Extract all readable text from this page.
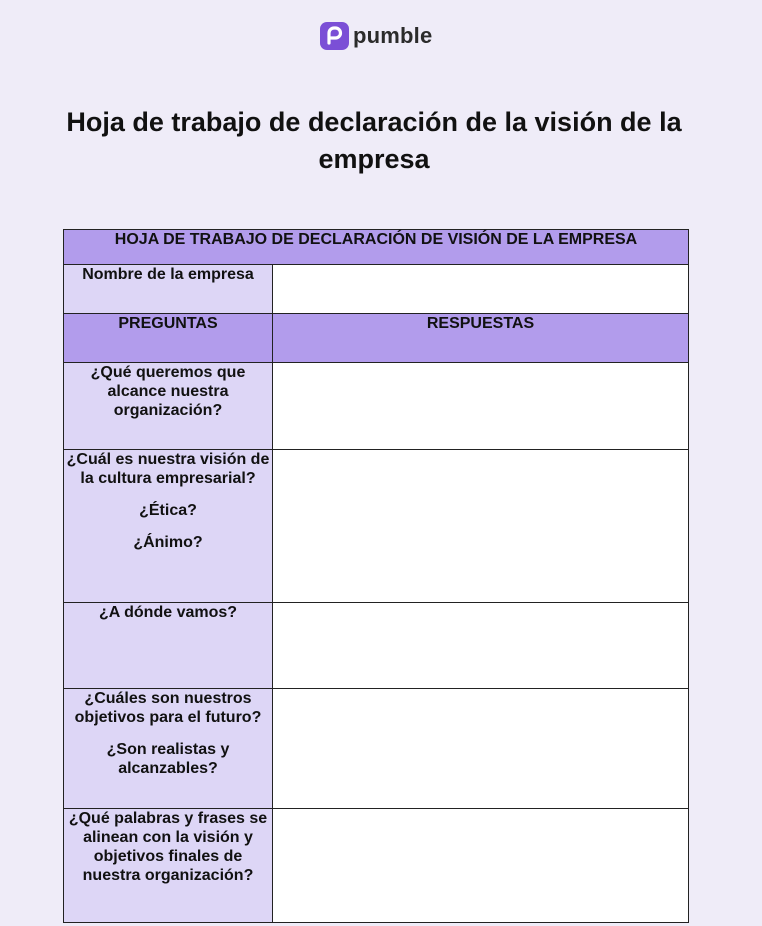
pumble
Hoja de trabajo de declaración de la visión de la empresa
HOJA DE TRABAJO DE DECLARACIÓN DE VISIÓN DE LA EMPRESA	
Nombre de la empresa	
PREGUNTAS	RESPUESTAS

¿Qué queremos que alcance nuestra organización?	

¿Cuál es nuestra visión de la cultura empresarial?
¿Ética?
¿Ánimo?	

¿A dónde vamos?	

¿Cuáles son nuestros objetivos para el futuro?
¿Son realistas y alcanzables?	

¿Qué palabras y frases se alinean con la visión y objetivos finales de nuestra organización?	
